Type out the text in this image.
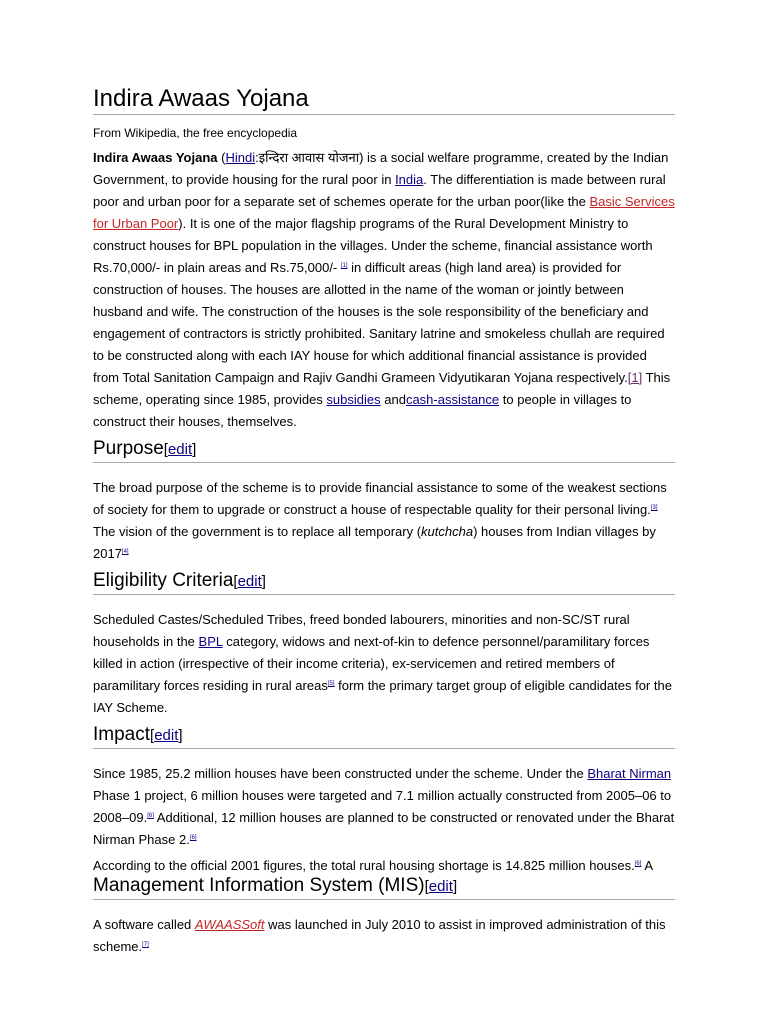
Indira Awaas Yojana
From Wikipedia, the free encyclopedia

Indira Awaas Yojana (Hindi:इन्दिरा आवास योजना) is a social welfare programme, created by the Indian Government, to provide housing for the rural poor in India. The differentiation is made between rural poor and urban poor for a separate set of schemes operate for the urban poor(like the Basic Services for Urban Poor). It is one of the major flagship programs of the Rural Development Ministry to construct houses for BPL population in the villages. Under the scheme, financial assistance worth Rs.70,000/- in plain areas and Rs.75,000/- [1] in difficult areas (high land area) is provided for construction of houses. The houses are allotted in the name of the woman or jointly between husband and wife. The construction of the houses is the sole responsibility of the beneficiary and engagement of contractors is strictly prohibited. Sanitary latrine and smokeless chullah are required to be constructed along with each IAY house for which additional financial assistance is provided from Total Sanitation Campaign and Rajiv Gandhi Grameen Vidyutikaran Yojana respectively.[1] This scheme, operating since 1985, provides subsidies andcash-assistance to people in villages to construct their houses, themselves.

Purpose[edit]

The broad purpose of the scheme is to provide financial assistance to some of the weakest sections of society for them to upgrade or construct a house of respectable quality for their personal living.[3] The vision of the government is to replace all temporary (kutchcha) houses from Indian villages by 2017[4]

Eligibility Criteria[edit]

Scheduled Castes/Scheduled Tribes, freed bonded labourers, minorities and non-SC/ST rural households in the BPL category, widows and next-of-kin to defence personnel/paramilitary forces killed in action (irrespective of their income criteria), ex-servicemen and retired members of paramilitary forces residing in rural areas[5] form the primary target group of eligible candidates for the IAY Scheme.

Impact[edit]

Since 1985, 25.2 million houses have been constructed under the scheme. Under the Bharat Nirman Phase 1 project, 6 million houses were targeted and 7.1 million actually constructed from 2005–06 to 2008–09.[6] Additional, 12 million houses are planned to be constructed or renovated under the Bharat Nirman Phase 2.[6]

According to the official 2001 figures, the total rural housing shortage is 14.825 million houses.[6] A

Management Information System (MIS)[edit]

A software called AWAASSoft was launched in July 2010 to assist in improved administration of this scheme.[7]
